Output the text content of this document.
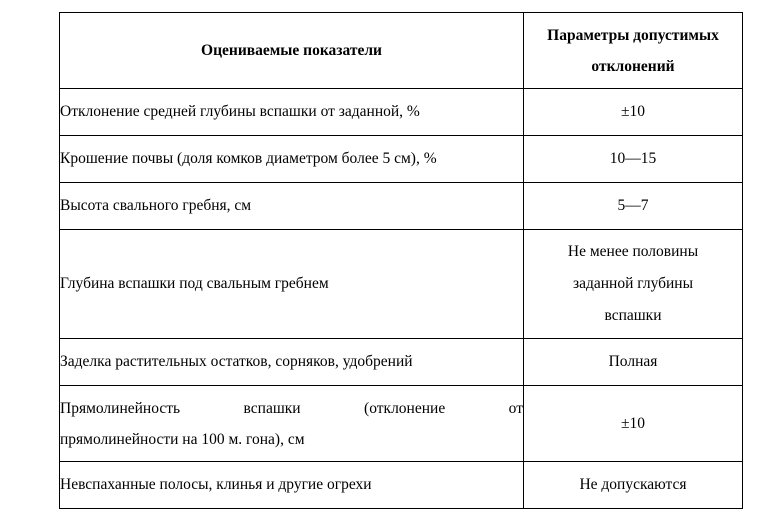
Оцениваемые показатели	Параметры допустимых
отклонений
Отклонение средней глубины вспашки от заданной, %	±10
Крошение почвы (доля комков диаметром более 5 см), %	10—15
Высота свального гребня, см	5—7
Глубина вспашки под свальным гребнем	Не менее половины
заданной глубины
вспашки
Заделка растительных остатков, сорняков, удобрений	Полная

Прямолинейность вспашки (отклонение от
прямолинейности на 100 м. гона), см	±10
Невспаханные полосы, клинья и другие огрехи	Не допускаются
